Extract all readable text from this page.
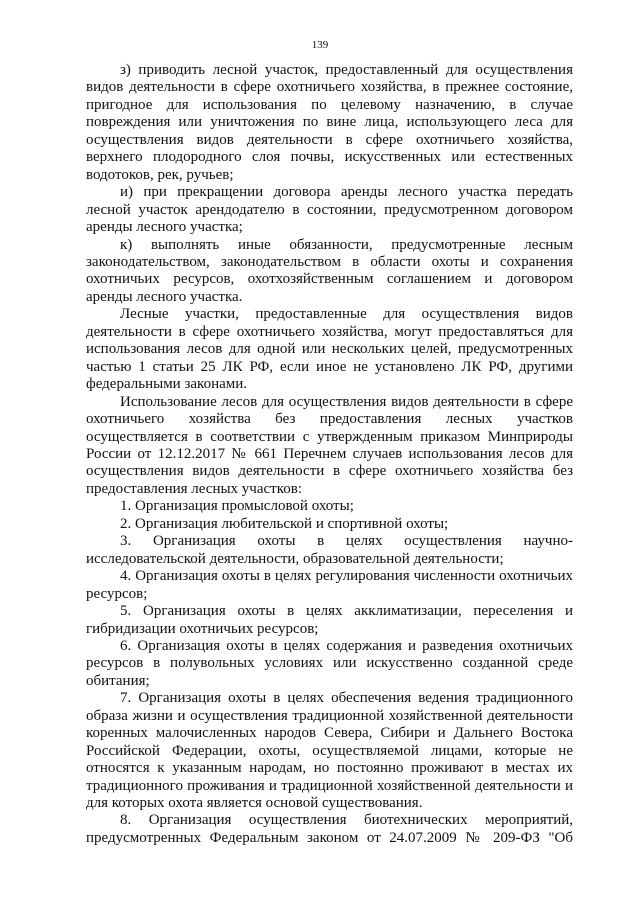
139

з) приводить лесной участок, предоставленный для осуществления видов деятельности в сфере охотничьего хозяйства, в прежнее состояние, пригодное для использования по целевому назначению, в случае повреждения или уничтожения по вине лица, использующего леса для осуществления видов деятельности в сфере охотничьего хозяйства, верхнего плодородного слоя почвы, искусственных или естественных водотоков, рек, ручьев;

и) при прекращении договора аренды лесного участка передать лесной участок арендодателю в состоянии, предусмотренном договором аренды лесного участка;

к) выполнять иные обязанности, предусмотренные лесным законодательством, законодательством в области охоты и сохранения охотничьих ресурсов, охотхозяйственным соглашением и договором аренды лесного участка.

Лесные участки, предоставленные для осуществления видов деятельности в сфере охотничьего хозяйства, могут предоставляться для использования лесов для одной или нескольких целей, предусмотренных частью 1 статьи 25 ЛК РФ, если иное не установлено ЛК РФ, другими федеральными законами.

Использование лесов для осуществления видов деятельности в сфере охотничьего хозяйства без предоставления лесных участков осуществляется в соответствии с утвержденным приказом Минприроды России от 12.12.2017 № 661 Перечнем случаев использования лесов для осуществления видов деятельности в сфере охотничьего хозяйства без предоставления лесных участков:

1. Организация промысловой охоты;

2. Организация любительской и спортивной охоты;

3. Организация охоты в целях осуществления научно-исследовательской деятельности, образовательной деятельности;

4. Организация охоты в целях регулирования численности охотничьих ресурсов;

5. Организация охоты в целях акклиматизации, переселения и гибридизации охотничьих ресурсов;

6. Организация охоты в целях содержания и разведения охотничьих ресурсов в полувольных условиях или искусственно созданной среде обитания;

7. Организация охоты в целях обеспечения ведения традиционного образа жизни и осуществления традиционной хозяйственной деятельности коренных малочисленных народов Севера, Сибири и Дальнего Востока Российской Федерации, охоты, осуществляемой лицами, которые не относятся к указанным народам, но постоянно проживают в местах их традиционного проживания и традиционной хозяйственной деятельности и для которых охота является основой существования.

8. Организация осуществления биотехнических мероприятий, предусмотренных Федеральным законом от 24.07.2009 № 209-ФЗ "Об
